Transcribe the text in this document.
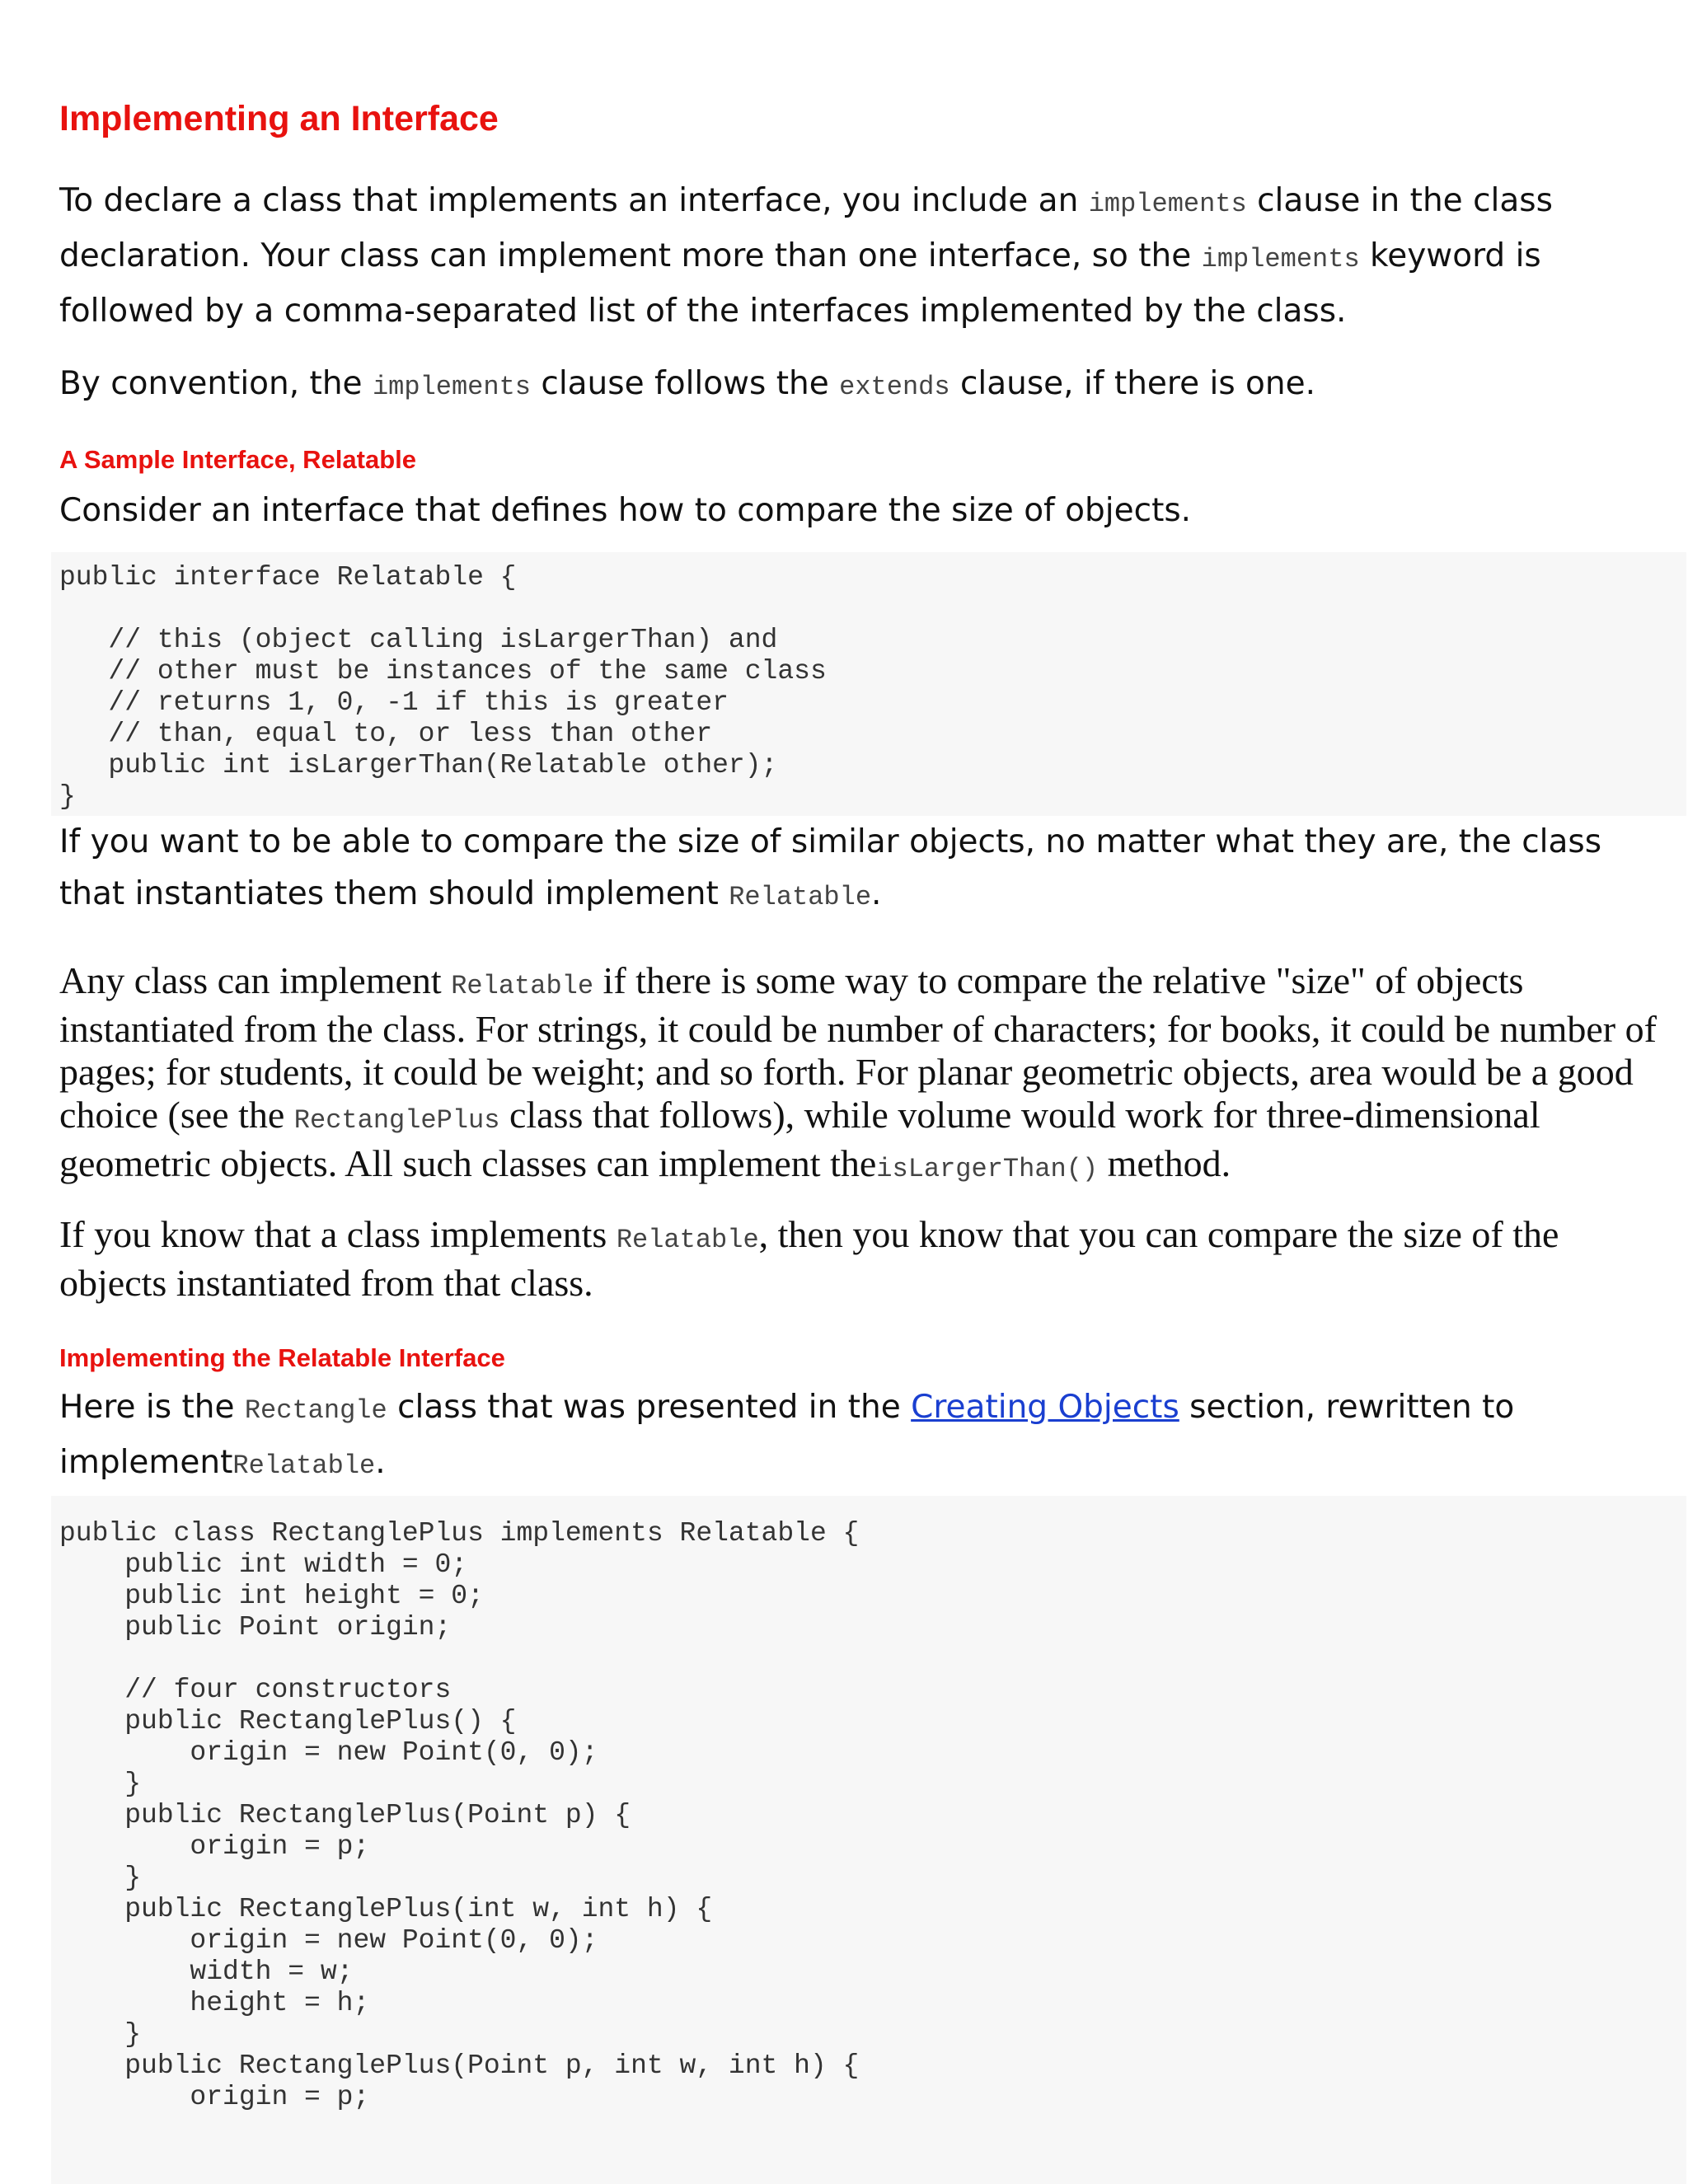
Implementing an Interface

To declare a class that implements an interface, you include an implements clause in the class declaration. Your class can implement more than one interface, so the implements keyword is followed by a comma-separated list of the interfaces implemented by the class.

By convention, the implements clause follows the extends clause, if there is one.

A Sample Interface, Relatable

Consider an interface that defines how to compare the size of objects.

public interface Relatable {

// this (object calling isLargerThan) and
// other must be instances of the same class
// returns 1, 0, -1 if this is greater
// than, equal to, or less than other
public int isLargerThan(Relatable other);
}

If you want to be able to compare the size of similar objects, no matter what they are, the class that instantiates them should implement Relatable.

Any class can implement Relatable if there is some way to compare the relative "size" of objects instantiated from the class. For strings, it could be number of characters; for books, it could be number of pages; for students, it could be weight; and so forth. For planar geometric objects, area would be a good choice (see the RectanglePlus class that follows), while volume would work for three-dimensional geometric objects. All such classes can implement theisLargerThan() method.

If you know that a class implements Relatable, then you know that you can compare the size of the objects instantiated from that class.

Implementing the Relatable Interface

Here is the Rectangle class that was presented in the Creating Objects section, rewritten to implementRelatable.

public class RectanglePlus implements Relatable {
public int width = 0;
public int height = 0;
public Point origin;

// four constructors
public RectanglePlus() {
origin = new Point(0, 0);
}
public RectanglePlus(Point p) {
origin = p;
}
public RectanglePlus(int w, int h) {
origin = new Point(0, 0);
width = w;
height = h;
}
public RectanglePlus(Point p, int w, int h) {
origin = p;
